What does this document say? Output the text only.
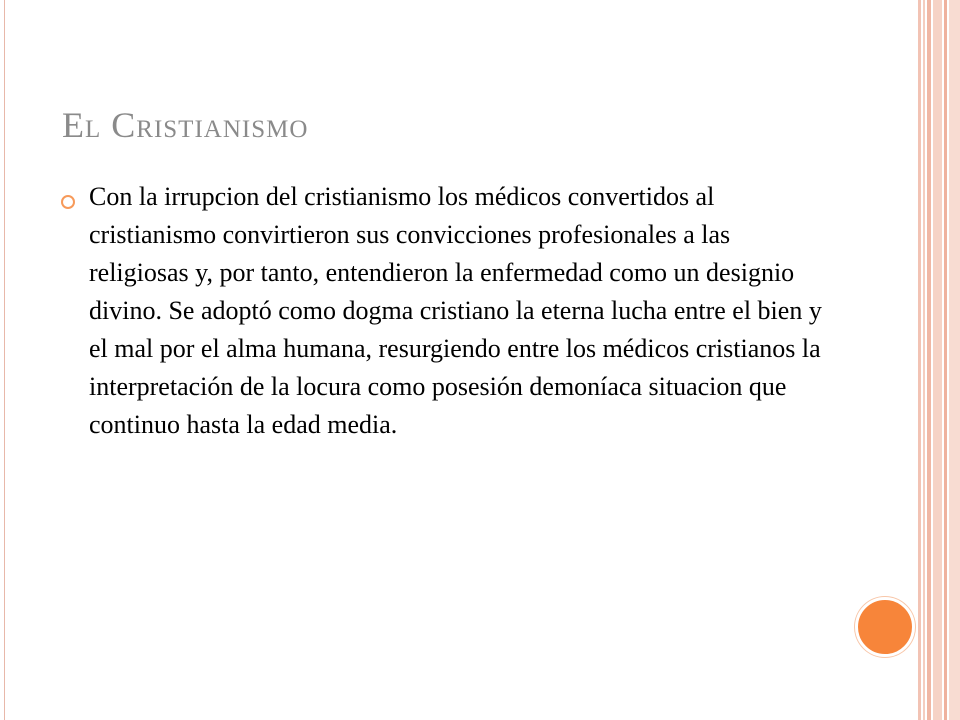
El Cristianismo
Con la irrupcion del cristianismo los médicos convertidos al cristianismo convirtieron sus convicciones profesionales a las religiosas y, por tanto, entendieron la enfermedad como un designio divino. Se adoptó como dogma cristiano la eterna lucha entre el bien y el mal por el alma humana, resurgiendo entre los médicos cristianos la interpretación de la locura como posesión demoníaca situacion que continuo hasta la edad media.
